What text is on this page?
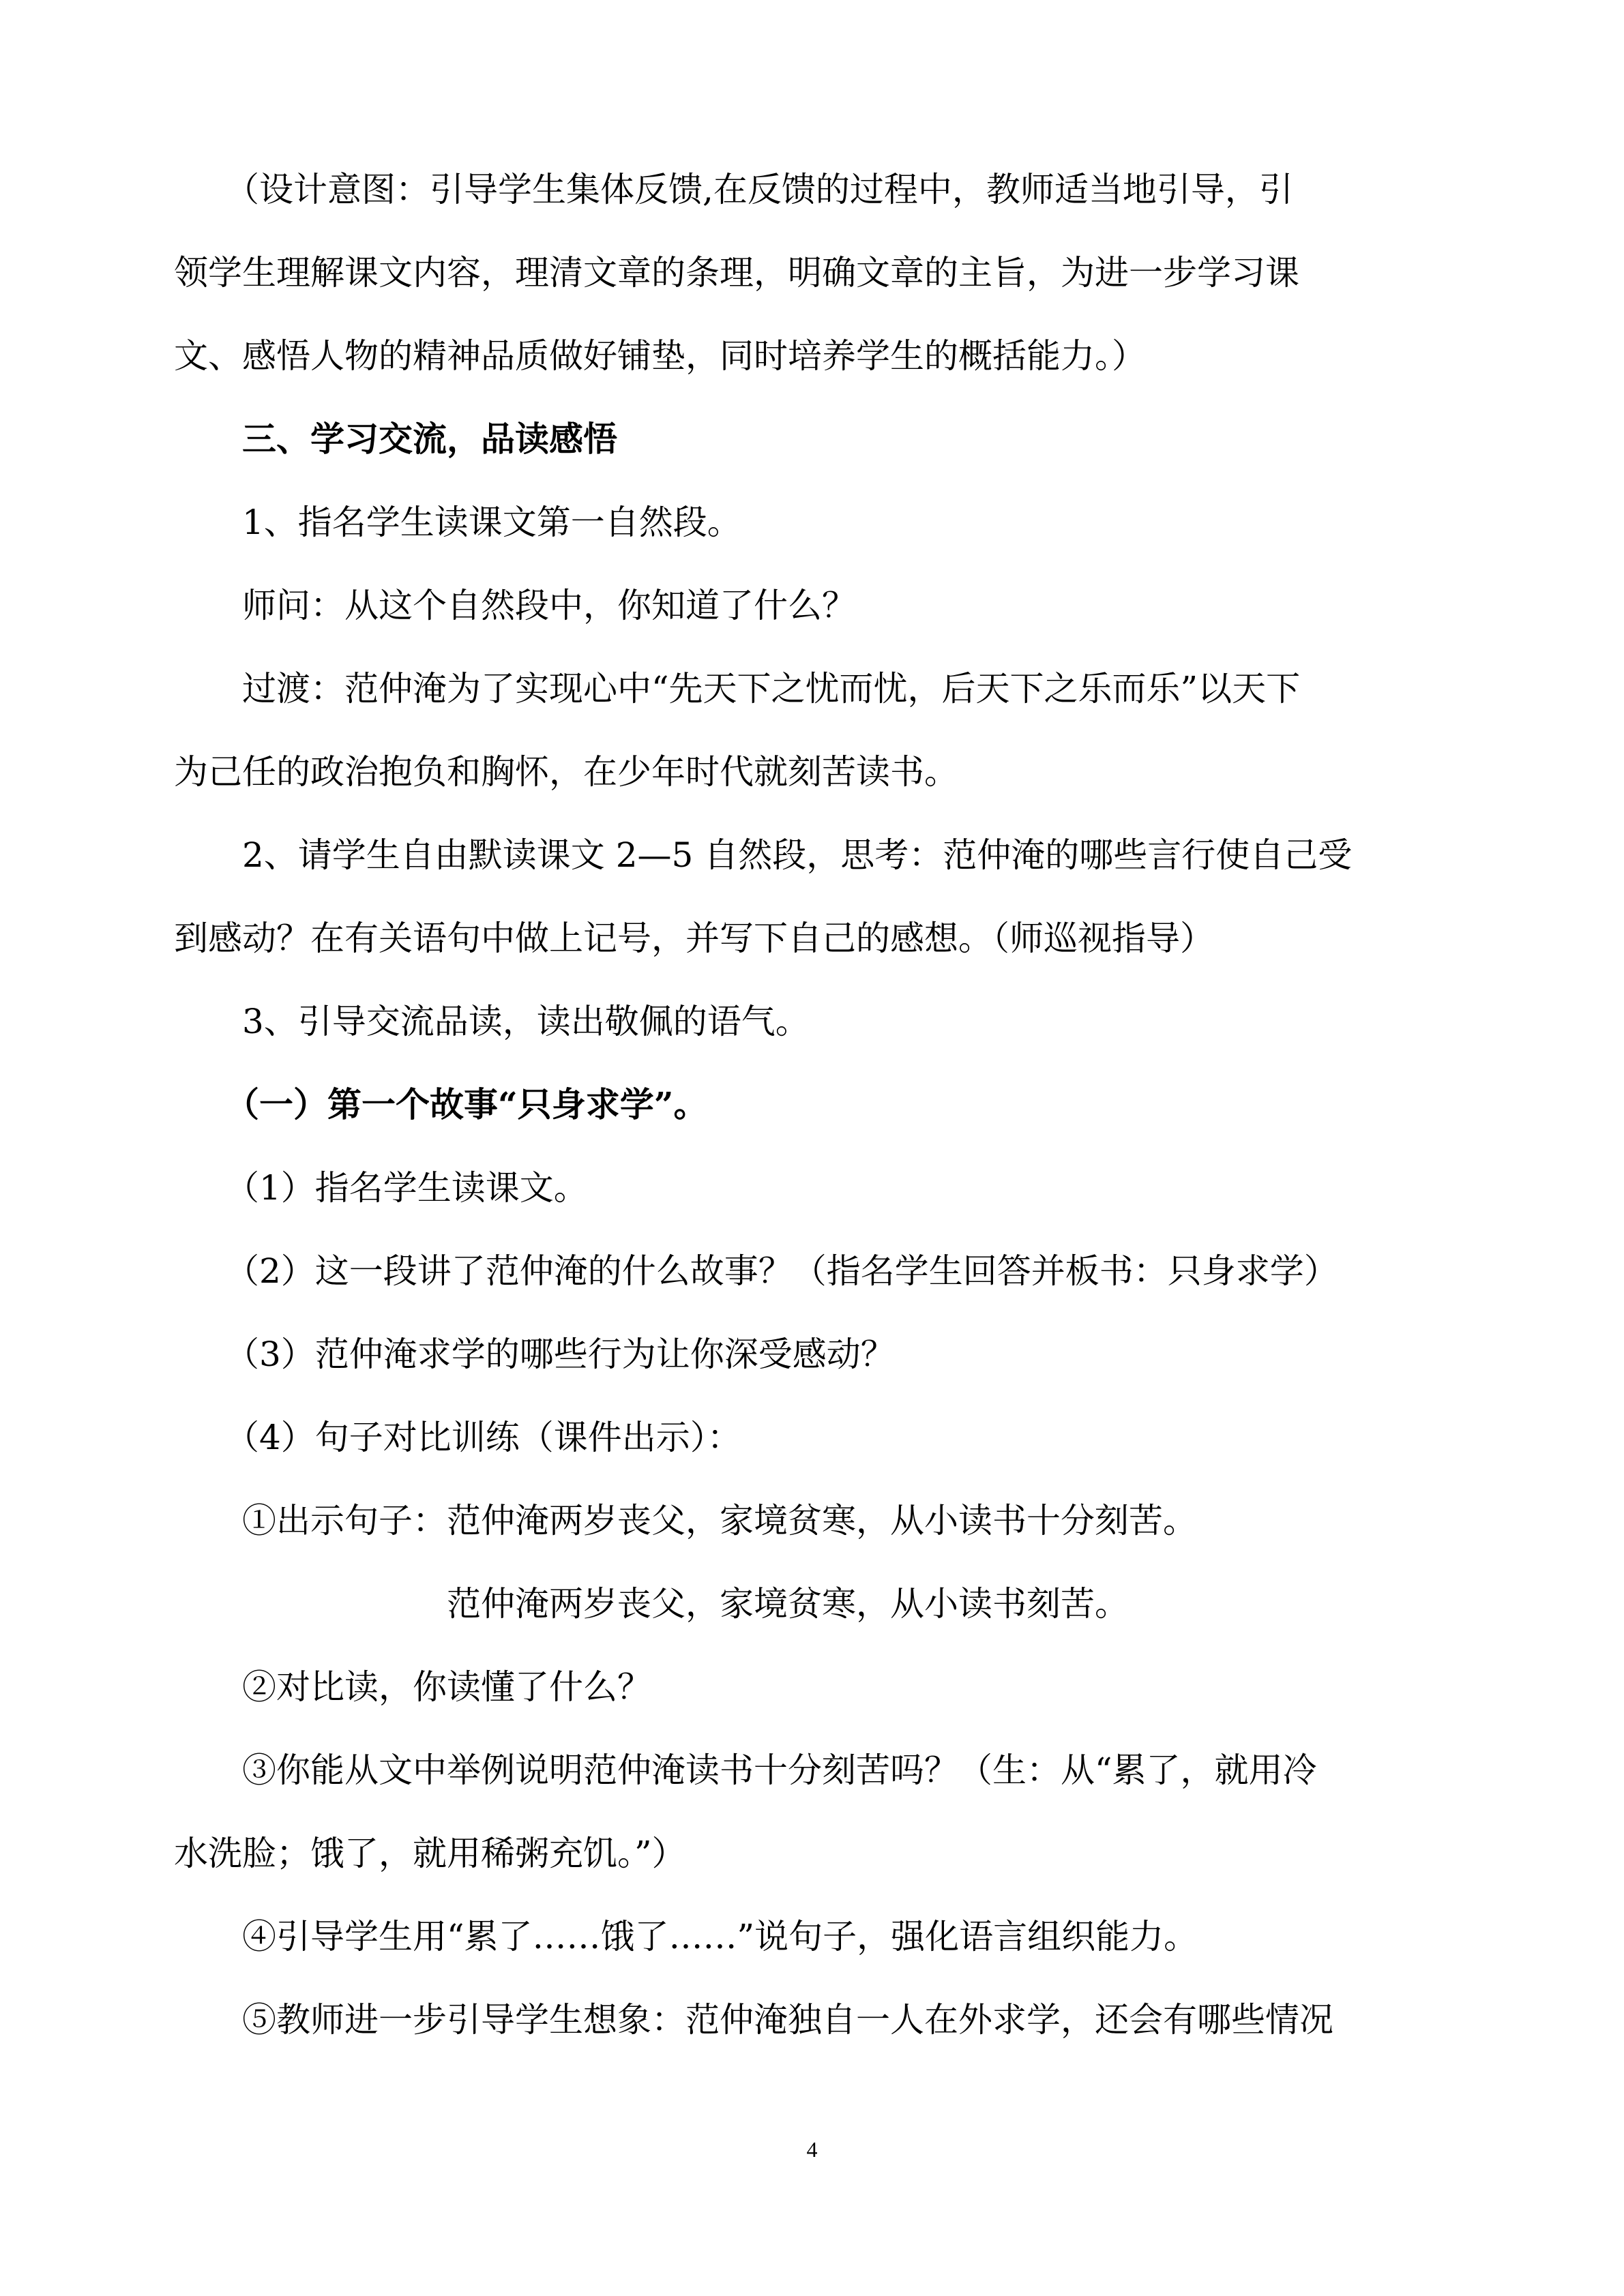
　　（设计意图：引导学生集体反馈,在反馈的过程中，教师适当地引导，引
领学生理解课文内容，理清文章的条理，明确文章的主旨，为进一步学习课
文、感悟人物的精神品质做好铺垫，同时培养学生的概括能力。）
　　三、学习交流，品读感悟
　　1、指名学生读课文第一自然段。
　　师问：从这个自然段中，你知道了什么？
　　过渡：范仲淹为了实现心中“先天下之忧而忧，后天下之乐而乐”以天下
为己任的政治抱负和胸怀，在少年时代就刻苦读书。
　　2、请学生自由默读课文 2—5 自然段，思考：范仲淹的哪些言行使自己受
到感动？在有关语句中做上记号，并写下自己的感想。（师巡视指导）
　　3、引导交流品读，读出敬佩的语气。
　　（一）第一个故事“只身求学”。
　　（1）指名学生读课文。
　　（2）这一段讲了范仲淹的什么故事？（指名学生回答并板书：只身求学）
　　（3）范仲淹求学的哪些行为让你深受感动？
　　（4）句子对比训练（课件出示）：
　　①出示句子：范仲淹两岁丧父，家境贫寒，从小读书十分刻苦。
　　　　　　　　范仲淹两岁丧父，家境贫寒，从小读书刻苦。
　　②对比读，你读懂了什么？
　　③你能从文中举例说明范仲淹读书十分刻苦吗？（生：从“累了，就用冷
水洗脸；饿了，就用稀粥充饥。”）
　　④引导学生用“累了……饿了……”说句子，强化语言组织能力。
　　⑤教师进一步引导学生想象：范仲淹独自一人在外求学，还会有哪些情况
4
